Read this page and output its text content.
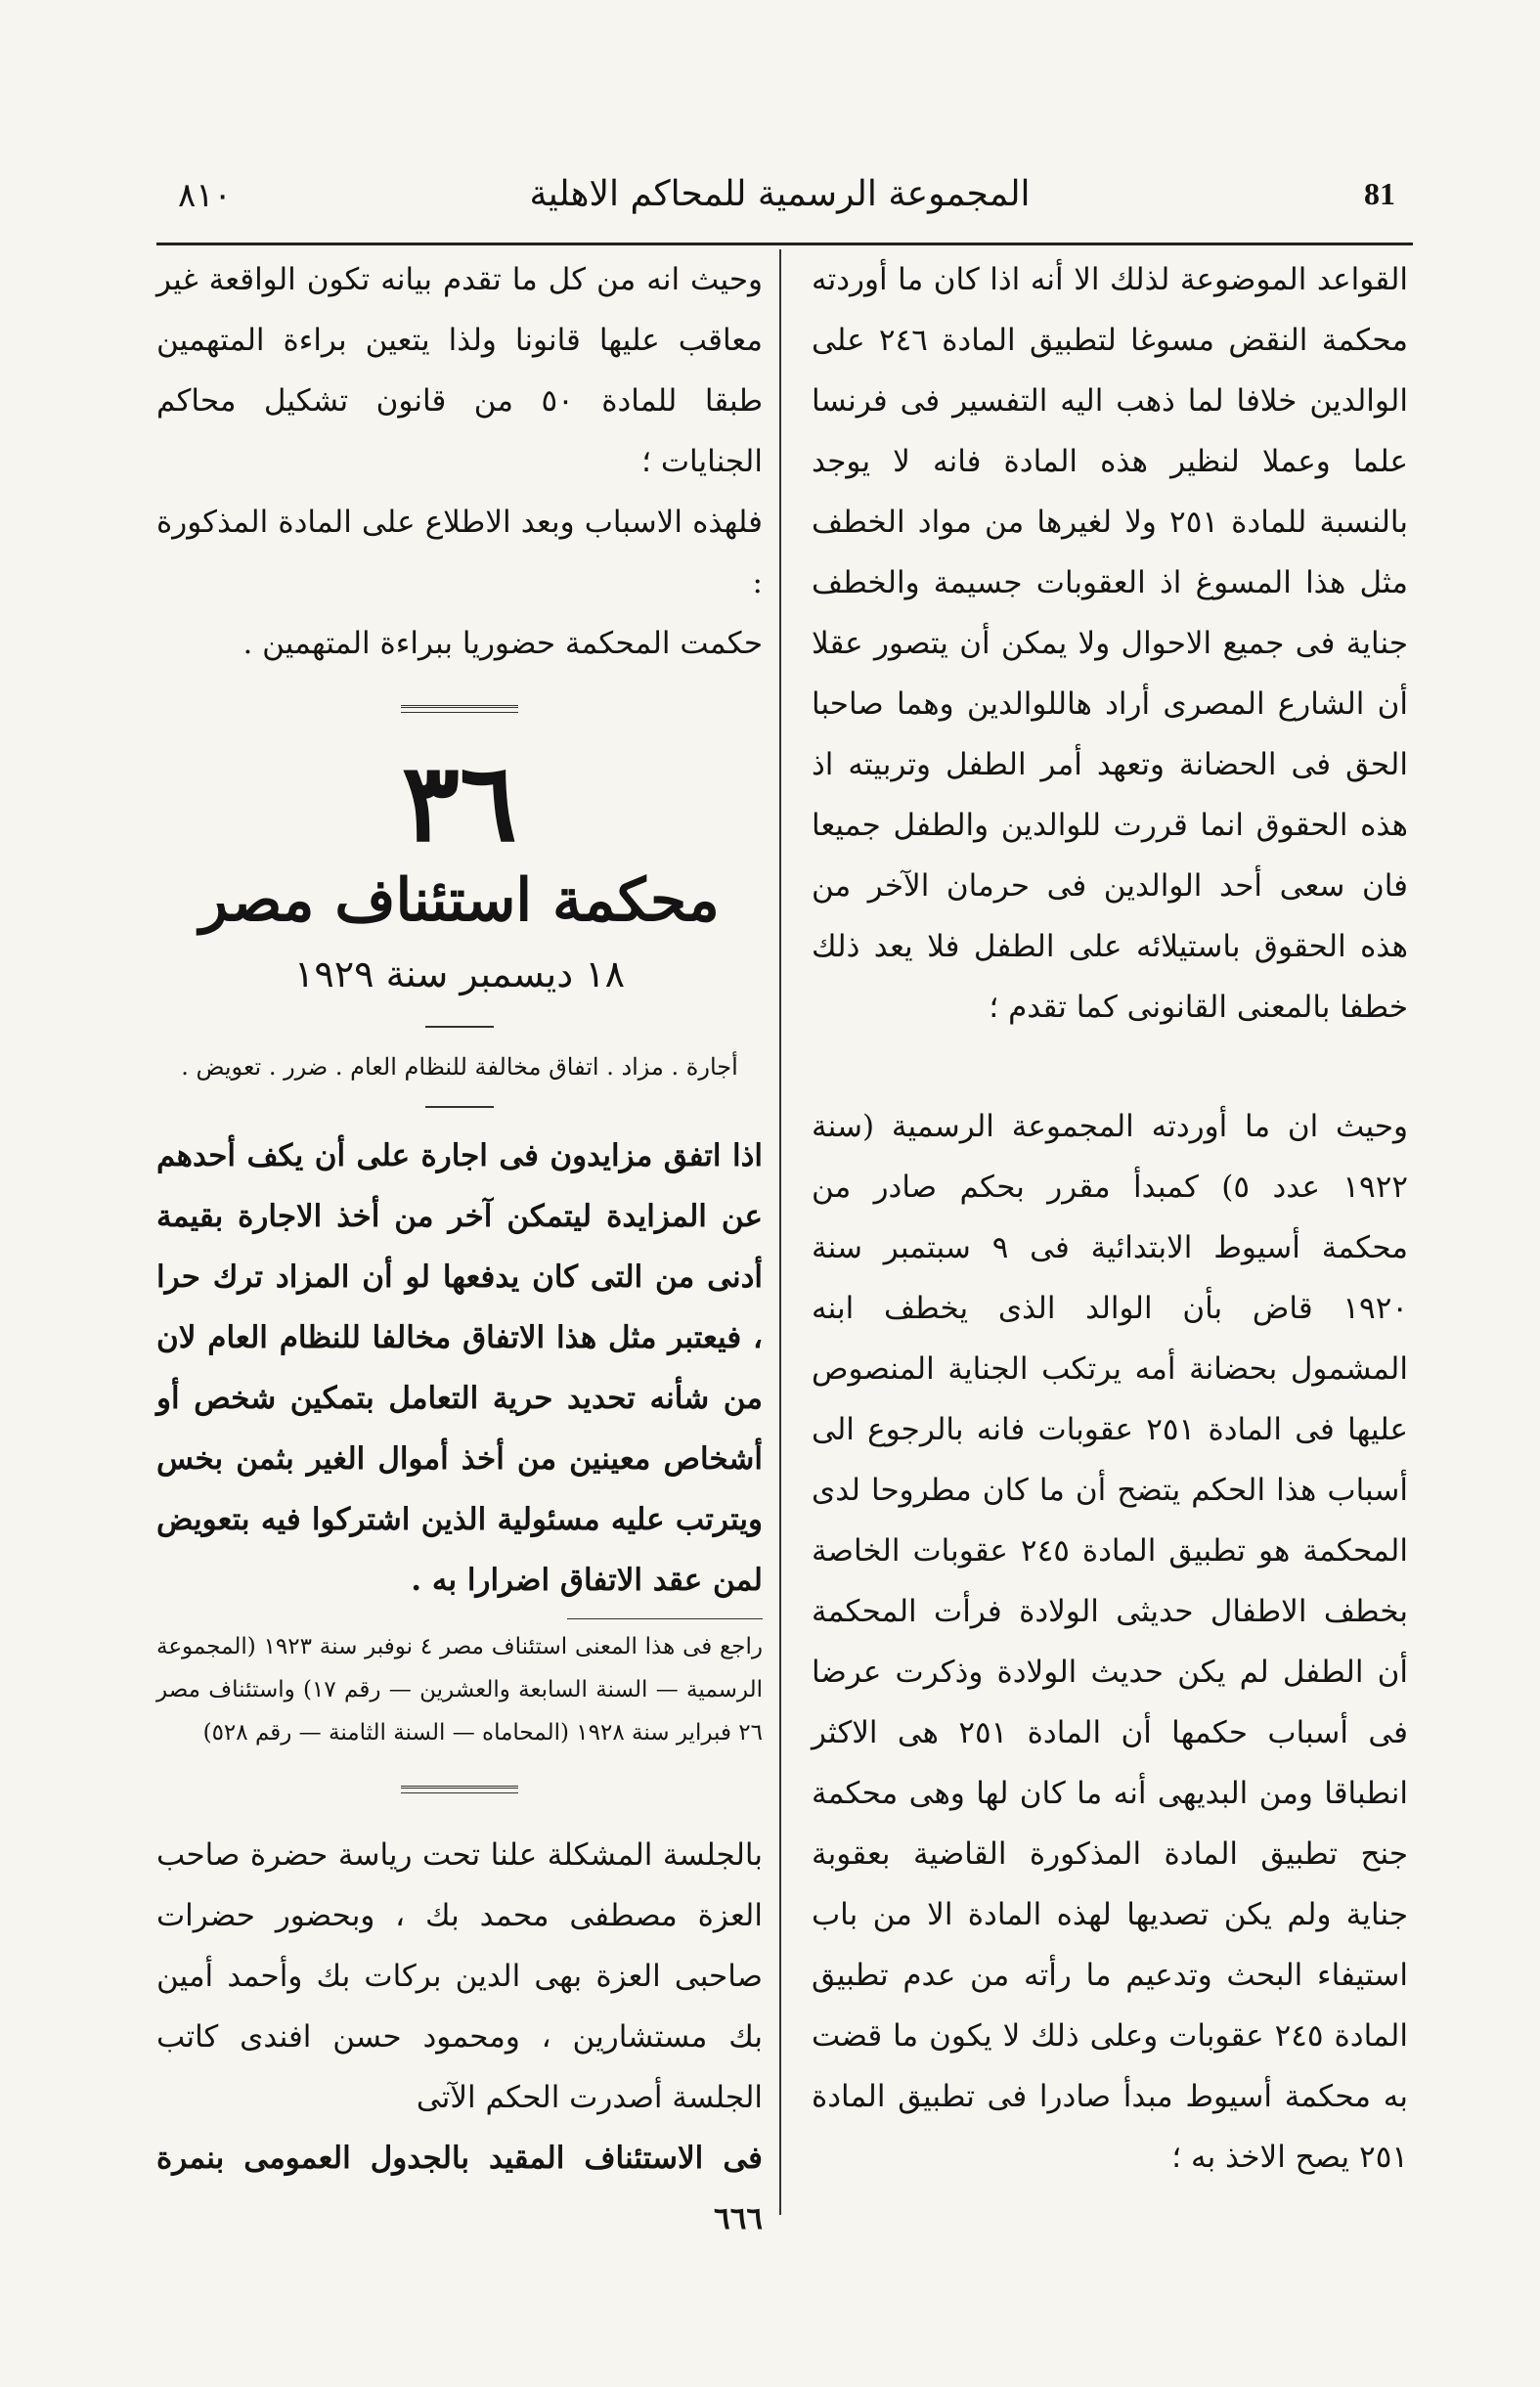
٨١٠	المجموعة الرسمية للمحاكم الاهلية	81

القواعد الموضوعة لذلك الا أنه اذا كان ما أوردته محكمة النقض مسوغا لتطبيق المادة ٢٤٦ على الوالدين خلافا لما ذهب اليه التفسير فى فرنسا علما وعملا لنظير هذه المادة فانه لا يوجد بالنسبة للمادة ٢٥١ ولا لغيرها من مواد الخطف مثل هذا المسوغ اذ العقوبات جسيمة والخطف جناية فى جميع الاحوال ولا يمكن أن يتصور عقلا أن الشارع المصرى أراد هاللوالدين وهما صاحبا الحق فى الحضانة وتعهد أمر الطفل وتربيته اذ هذه الحقوق انما قررت للوالدين والطفل جميعا فان سعى أحد الوالدين فى حرمان الآخر من هذه الحقوق باستيلائه على الطفل فلا يعد ذلك خطفا بالمعنى القانونى كما تقدم ؛

وحيث ان ما أوردته المجموعة الرسمية (سنة ١٩٢٢ عدد ٥) كمبدأ مقرر بحكم صادر من محكمة أسيوط الابتدائية فى ٩ سبتمبر سنة ١٩٢٠ قاض بأن الوالد الذى يخطف ابنه المشمول بحضانة أمه يرتكب الجناية المنصوص عليها فى المادة ٢٥١ عقوبات فانه بالرجوع الى أسباب هذا الحكم يتضح أن ما كان مطروحا لدى المحكمة هو تطبيق المادة ٢٤٥ عقوبات الخاصة بخطف الاطفال حديثى الولادة فرأت المحكمة أن الطفل لم يكن حديث الولادة وذكرت عرضا فى أسباب حكمها أن المادة ٢٥١ هى الاكثر انطباقا ومن البديهى أنه ما كان لها وهى محكمة جنح تطبيق المادة المذكورة القاضية بعقوبة جناية ولم يكن تصديها لهذه المادة الا من باب استيفاء البحث وتدعيم ما رأته من عدم تطبيق المادة ٢٤٥ عقوبات وعلى ذلك لا يكون ما قضت به محكمة أسيوط مبدأ صادرا فى تطبيق المادة ٢٥١ يصح الاخذ به ؛

وحيث انه من كل ما تقدم بيانه تكون الواقعة غير معاقب عليها قانونا ولذا يتعين براءة المتهمين طبقا للمادة ٥٠ من قانون تشكيل محاكم الجنايات ؛

فلهذه الاسباب وبعد الاطلاع على المادة المذكورة :

حكمت المحكمة حضوريا ببراءة المتهمين .

٣٦
محكمة استئناف مصر
١٨ ديسمبر سنة ١٩٢٩
أجارة . مزاد . اتفاق مخالفة للنظام العام . ضرر . تعويض .

اذا اتفق مزايدون فى اجارة على أن يكف أحدهم عن المزايدة ليتمكن آخر من أخذ الاجارة بقيمة أدنى من التى كان يدفعها لو أن المزاد ترك حرا ، فيعتبر مثل هذا الاتفاق مخالفا للنظام العام لان من شأنه تحديد حرية التعامل بتمكين شخص أو أشخاص معينين من أخذ أموال الغير بثمن بخس ويترتب عليه مسئولية الذين اشتركوا فيه بتعويض لمن عقد الاتفاق اضرارا به .

راجع فى هذا المعنى استئناف مصر ٤ نوفبر سنة ١٩٢٣ (المجموعة الرسمية — السنة السابعة والعشرين — رقم ١٧) واستئناف مصر ٢٦ فبراير سنة ١٩٢٨ (المحاماه — السنة الثامنة — رقم ٥٢٨)

بالجلسة المشكلة علنا تحت رياسة حضرة صاحب العزة مصطفى محمد بك ، وبحضور حضرات صاحبى العزة بهى الدين بركات بك وأحمد أمين بك مستشارين ، ومحمود حسن افندى كاتب الجلسة أصدرت الحكم الآتى

فى الاستئناف المقيد بالجدول العمومى بنمرة ٦٦٦
